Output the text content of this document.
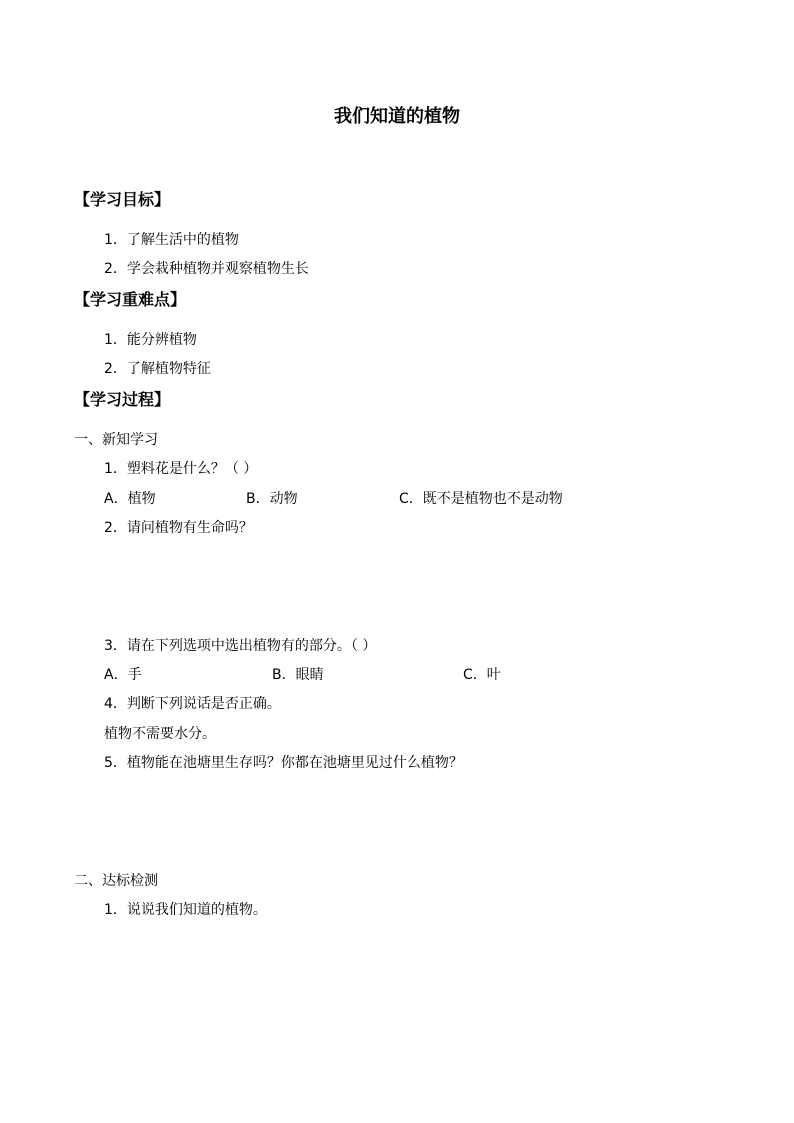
我们知道的植物
【学习目标】
1．了解生活中的植物
2．学会栽种植物并观察植物生长
【学习重难点】
1．能分辨植物
2．了解植物特征
【学习过程】
一、新知学习
1．塑料花是什么？（ ）
A．植物	B．动物	C．既不是植物也不是动物
2．请问植物有生命吗？
3．请在下列选项中选出植物有的部分。（ ）
A．手	B．眼睛	C．叶
4．判断下列说话是否正确。
植物不需要水分。
5．植物能在池塘里生存吗？你都在池塘里见过什么植物？
二、达标检测
1．说说我们知道的植物。
